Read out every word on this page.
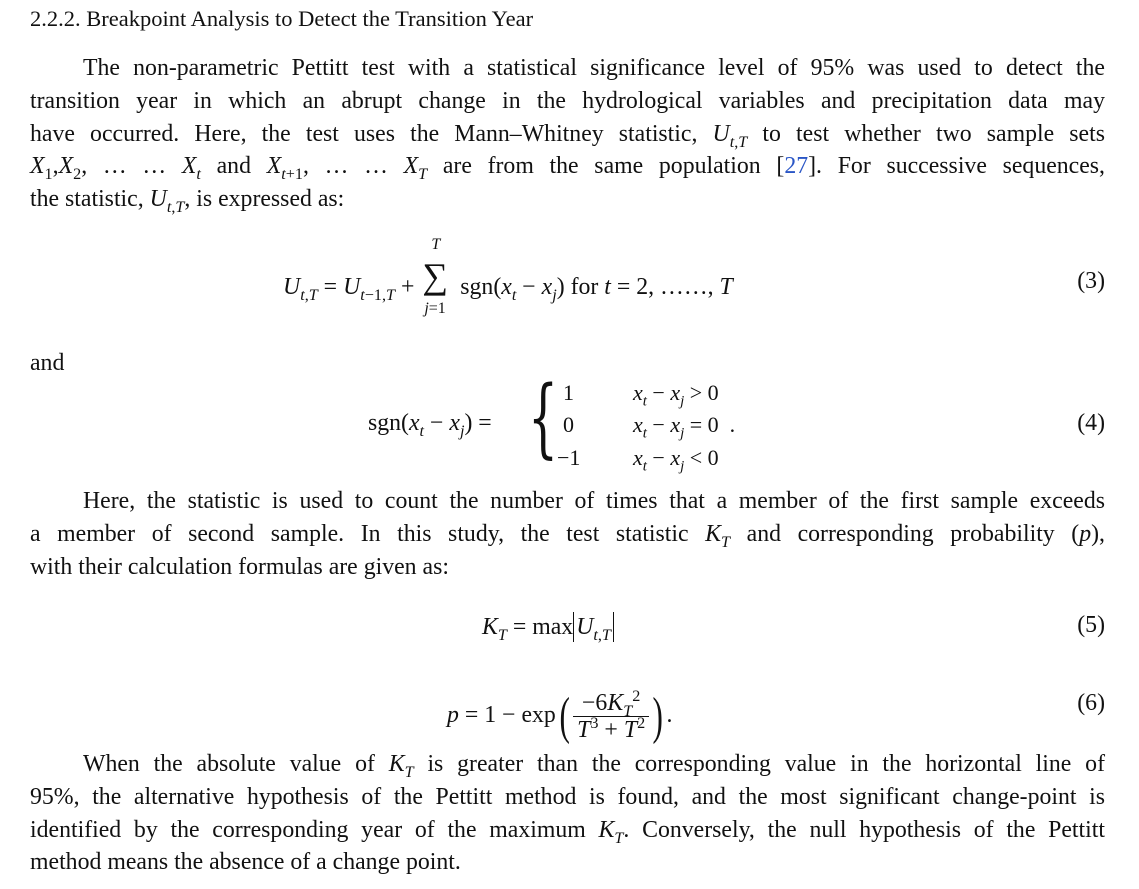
2.2.2. Breakpoint Analysis to Detect the Transition Year
The non-parametric Pettitt test with a statistical significance level of 95% was used to detect the
transition year in which an abrupt change in the hydrological variables and precipitation data may
have occurred. Here, the test uses the Mann–Whitney statistic, $U_{t,T}$ to test whether two sample sets
$X_1,X_2$, … … $X_t$ and $X_{t+1}$, … … $X_T$ are from the same population [27]. For successive sequences,
the statistic, $U_{t,T}$, is expressed as:
$U_{t,T} = U_{t-1,T}$ +
T
∑
j=1
$sgn(x_t - x_j)$ for t = 2, ……, T	(3)
and
$sgn(x_t - x_j)$ = { 1
0
−1
$x_t - x_j > 0$
$x_t - x_j = 0$  .
$x_t - x_j < 0$
(4)
Here, the statistic is used to count the number of times that a member of the first sample exceeds
a member of second sample. In this study, the test statistic $K_T$ and corresponding probability (p),
with their calculation formulas are given as:
$K_T = \max U_{t,T}$	(5)
$p = 1 - \exp( \frac{-6K_T^2}{T^3 + T^2}$ ) .	(6)
When the absolute value of $K_T$ is greater than the corresponding value in the horizontal line of
95%, the alternative hypothesis of the Pettitt method is found, and the most significant change-point is
identified by the corresponding year of the maximum $K_T$. Conversely, the null hypothesis of the Pettitt
method means the absence of a change point.
